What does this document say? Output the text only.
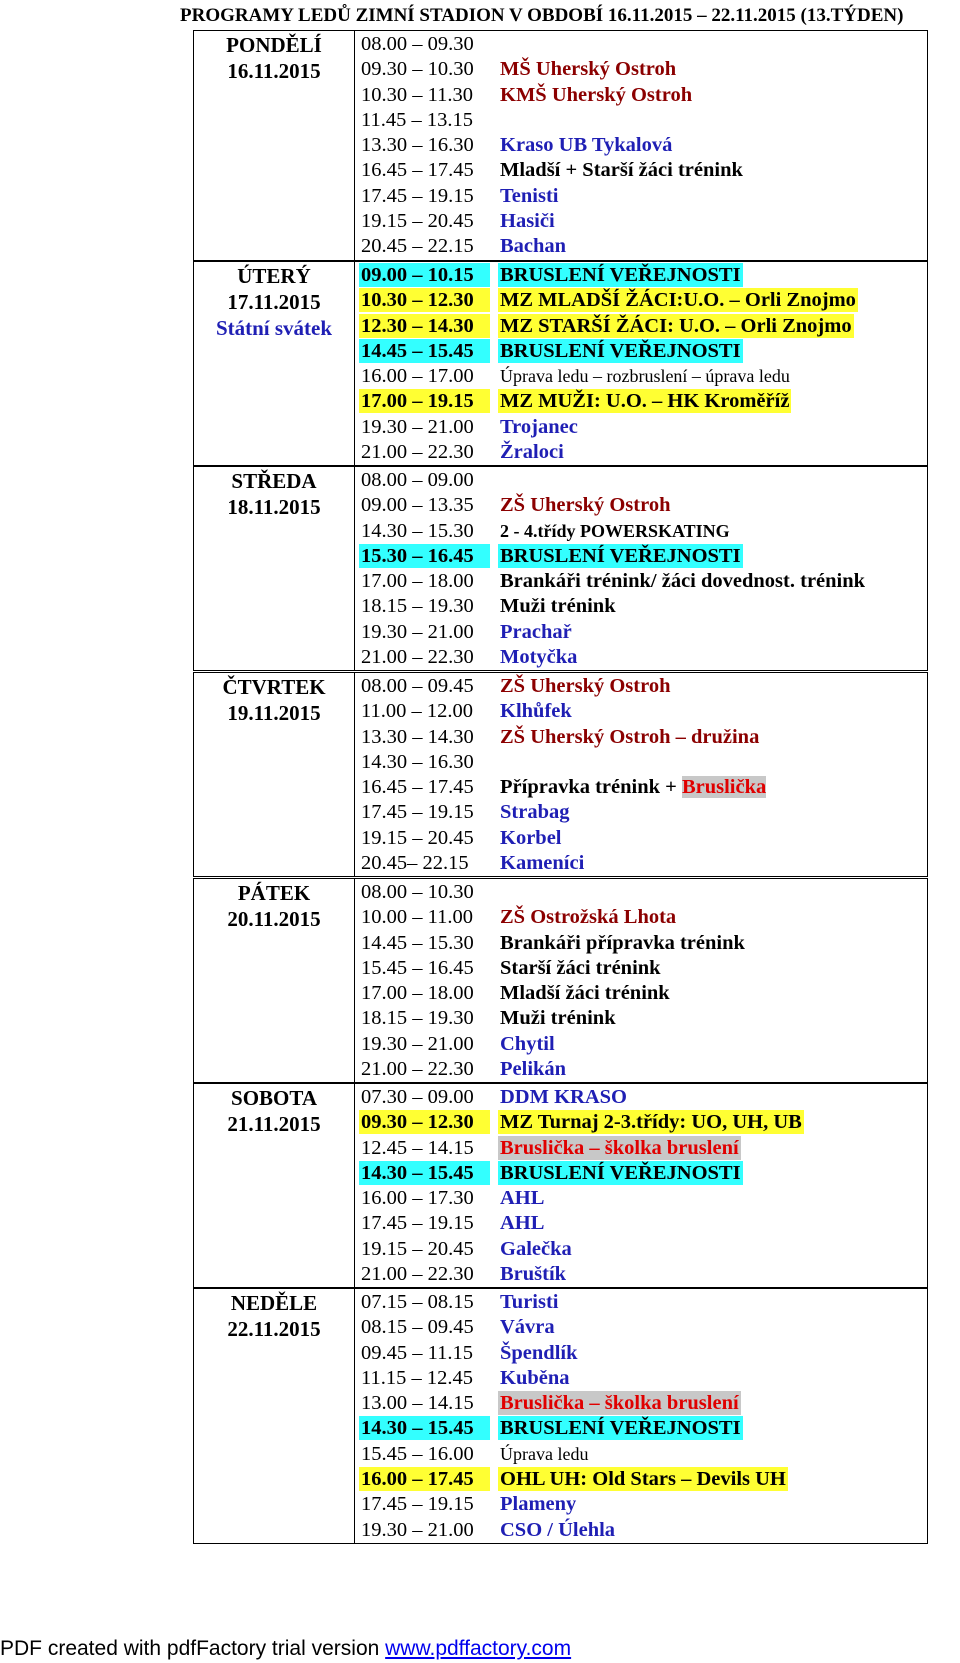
PROGRAMY LEDŮ ZIMNÍ STADION V OBDOBÍ 16.11.2015 – 22.11.2015 (13.TÝDEN)
PONDĚLÍ
16.11.2015
08.00 – 09.30
09.30 – 10.30	MŠ Uherský Ostroh
10.30 – 11.30	KMŠ Uherský Ostroh
11.45 – 13.15
13.30 – 16.30	Kraso UB Tykalová
16.45 – 17.45	Mladší + Starší žáci trénink
17.45 – 19.15	Tenisti
19.15 – 20.45	Hasiči
20.45 – 22.15	Bachan
ÚTERÝ
17.11.2015
Státní svátek
09.00 – 10.15	BRUSLENÍ VEŘEJNOSTI
10.30 – 12.30	MZ MLADŠÍ ŽÁCI:U.O. – Orli Znojmo
12.30 – 14.30	MZ STARŠÍ ŽÁCI: U.O. – Orli Znojmo
14.45 – 15.45	BRUSLENÍ VEŘEJNOSTI
16.00 – 17.00	Úprava ledu – rozbruslení – úprava ledu
17.00 – 19.15	MZ MUŽI: U.O. – HK Kroměříž
19.30 – 21.00	Trojanec
21.00 – 22.30	Žraloci
STŘEDA
18.11.2015
08.00 – 09.00
09.00 – 13.35	ZŠ Uherský Ostroh
14.30 – 15.30	2 - 4.třídy POWERSKATING
15.30 – 16.45	BRUSLENÍ VEŘEJNOSTI
17.00 – 18.00	Brankáři trénink/ žáci dovednost. trénink
18.15 – 19.30	Muži trénink
19.30 – 21.00	Prachař
21.00 – 22.30	Motyčka
ČTVRTEK
19.11.2015
08.00 – 09.45	ZŠ Uherský Ostroh
11.00 – 12.00	Klhůfek
13.30 – 14.30	ZŠ Uherský Ostroh – družina
14.30 – 16.30
16.45 – 17.45	Přípravka trénink + Bruslička
17.45 – 19.15	Strabag
19.15 – 20.45	Korbel
20.45– 22.15	Kameníci
PÁTEK
20.11.2015
08.00 – 10.30
10.00 – 11.00	ZŠ Ostrožská Lhota
14.45 – 15.30	Brankáři přípravka trénink
15.45 – 16.45	Starší žáci trénink
17.00 – 18.00	Mladší žáci trénink
18.15 – 19.30	Muži trénink
19.30 – 21.00	Chytil
21.00 – 22.30	Pelikán
SOBOTA
21.11.2015
07.30 – 09.00	DDM KRASO
09.30 – 12.30	MZ Turnaj 2-3.třídy: UO, UH, UB
12.45 – 14.15	Bruslička – školka bruslení
14.30 – 15.45	BRUSLENÍ VEŘEJNOSTI
16.00 – 17.30	AHL
17.45 – 19.15	AHL
19.15 – 20.45	Galečka
21.00 – 22.30	Bruštík
NEDĚLE
22.11.2015
07.15 – 08.15	Turisti
08.15 – 09.45	Vávra
09.45 – 11.15	Špendlík
11.15 – 12.45	Kuběna
13.00 – 14.15	Bruslička – školka bruslení
14.30 – 15.45	BRUSLENÍ VEŘEJNOSTI
15.45 – 16.00	Úprava ledu
16.00 – 17.45	OHL UH: Old Stars – Devils UH
17.45 – 19.15	Plameny
19.30 – 21.00	CSO / Úlehla
PDF created with pdfFactory trial version www.pdffactory.com
